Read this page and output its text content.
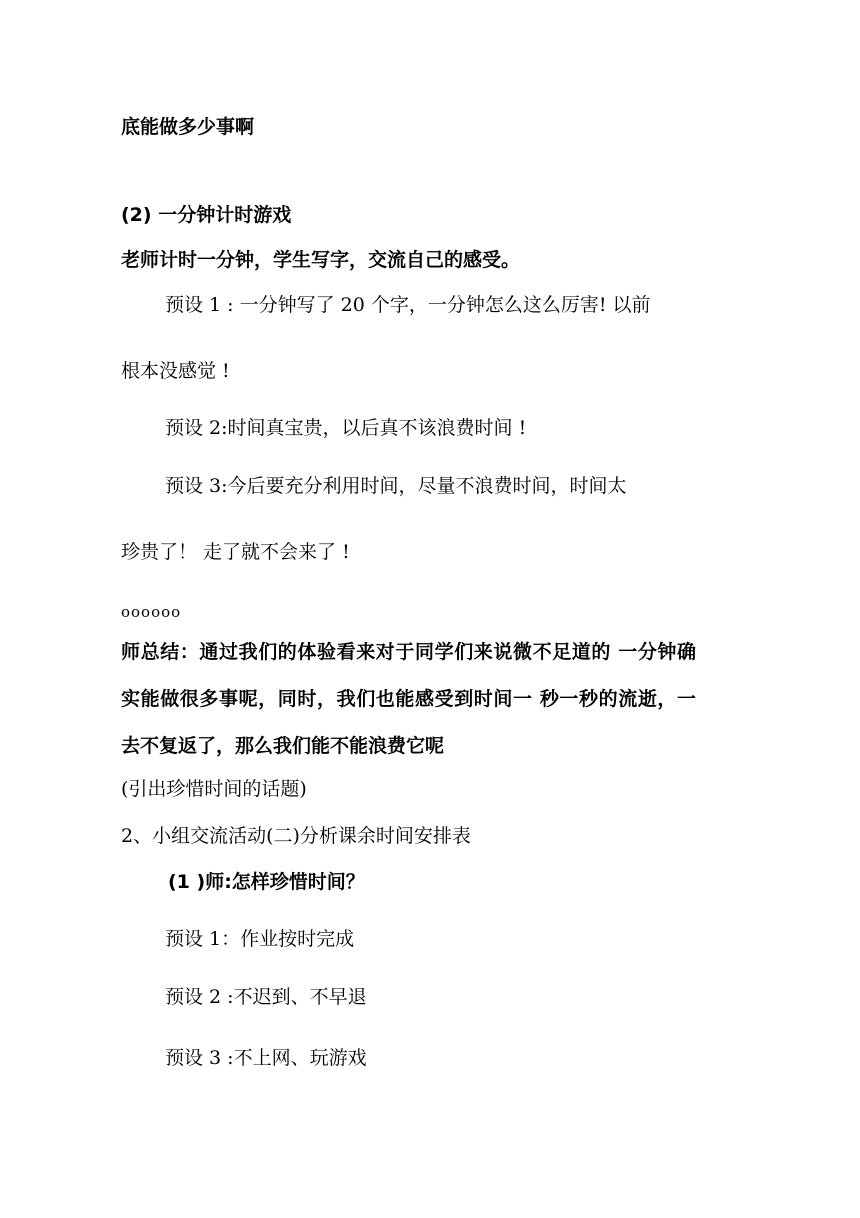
底能做多少事啊
(2) 一分钟计时游戏
老师计时一分钟，学生写字，交流自己的感受。
预设 1 : 一分钟写了 20 个字，一分钟怎么这么厉害! 以前
根本没感觉 !
预设 2:时间真宝贵，以后真不该浪费时间 !
预设 3:今后要充分利用时间，尽量不浪费时间，时间太
珍贵了！ 走了就不会来了 !
oooooo
师总结：通过我们的体验看来对于同学们来说微不足道的 一分钟确
实能做很多事呢，同时，我们也能感受到时间一 秒一秒的流逝，一
去不复返了，那么我们能不能浪费它呢
(引出珍惜时间的话题)
2、小组交流活动(二)分析课余时间安排表
(1 )师:怎样珍惜时间？
预设 1：作业按时完成
预设 2 :不迟到、不早退
预设 3 :不上网、玩游戏
